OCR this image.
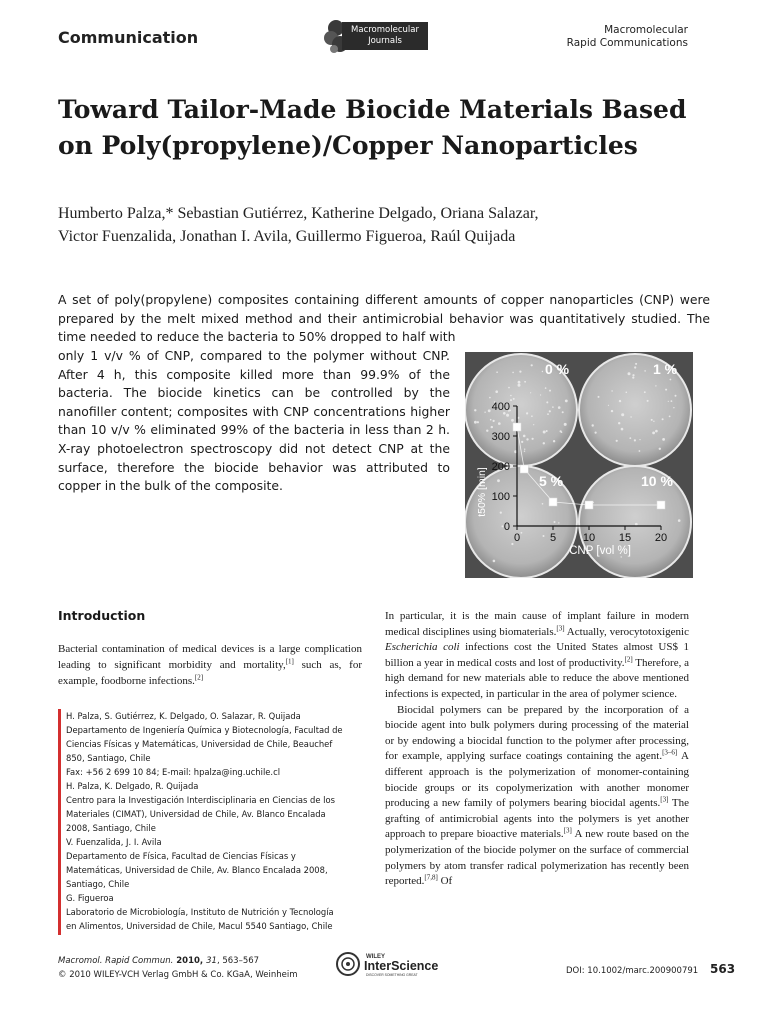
Communication	Macromolecular
Journals
Macromolecular
Rapid Communications
Toward Tailor-Made Biocide Materials Based
on Poly(propylene)/Copper Nanoparticles
Humberto Palza,* Sebastian Gutiérrez, Katherine Delgado, Oriana Salazar,
Victor Fuenzalida, Jonathan I. Avila, Guillermo Figueroa, Raúl Quijada
A set of poly(propylene) composites containing different amounts of copper nanoparticles (CNP) were prepared by the melt mixed method and their antimicrobial behavior was quantitatively studied. The time needed to reduce the bacteria to 50% dropped to half with
only 1 v/v % of CNP, compared to the polymer without CNP. After 4 h, this composite killed more than 99.9% of the bacteria. The biocide kinetics can be controlled by the nanofiller content; composites with CNP concentrations higher than 10 v/v % eliminated 99% of the bacteria in less than 2 h. X-ray photoelectron spectroscopy did not detect CNP at the surface, therefore the biocide behavior was attributed to copper in the bulk of the composite.
0 %	1 %
5 %	10 %
0
100
200
300
400
0	5 10 15 20
CNP [vol %]
t50% [min]
Introduction
Bacterial contamination of medical devices is a large complication leading to significant morbidity and mortality,[1] such as, for example, foodborne infections.[2]
H. Palza, S. Gutiérrez, K. Delgado, O. Salazar, R. Quijada
Departamento de Ingeniería Química y Biotecnología, Facultad de
Ciencias Físicas y Matemáticas, Universidad de Chile, Beauchef
850, Santiago, Chile
Fax: +56 2 699 10 84; E-mail: hpalza@ing.uchile.cl
H. Palza, K. Delgado, R. Quijada
Centro para la Investigación Interdisciplinaria en Ciencias de los
Materiales (CIMAT), Universidad de Chile, Av. Blanco Encalada
2008, Santiago, Chile
V. Fuenzalida, J. I. Avila
Departamento de Física, Facultad de Ciencias Físicas y
Matemáticas, Universidad de Chile, Av. Blanco Encalada 2008,
Santiago, Chile
G. Figueroa
Laboratorio de Microbiología, Instituto de Nutrición y Tecnología
en Alimentos, Universidad de Chile, Macul 5540 Santiago, Chile

In particular, it is the main cause of implant failure in modern medical disciplines using biomaterials.[3] Actually, verocytotoxigenic Escherichia coli infections cost the United States almost US$ 1 billion a year in medical costs and lost of productivity.[2] Therefore, a high demand for new materials able to reduce the above mentioned infections is expected, in particular in the area of polymer science.

Biocidal polymers can be prepared by the incorporation of a biocide agent into bulk polymers during processing of the material or by endowing a biocidal function to the polymer after processing, for example, applying surface coatings containing the agent.[3–6] A different approach is the polymerization of monomer-containing biocide groups or its copolymerization with another monomer producing a new family of polymers bearing biocidal agents.[3] The grafting of antimicrobial agents into the polymers is yet another approach to prepare bioactive materials.[3] A new route based on the polymerization of the biocide polymer on the surface of commercial polymers by atom transfer radical polymerization has recently been reported.[7,8] Of

Macromol. Rapid Commun. 2010, 31, 563–567
© 2010 WILEY-VCH Verlag GmbH & Co. KGaA, Weinheim
WILEY
InterScience
DISCOVER SOMETHING GREAT	DOI: 10.1002/marc.200900791 563
